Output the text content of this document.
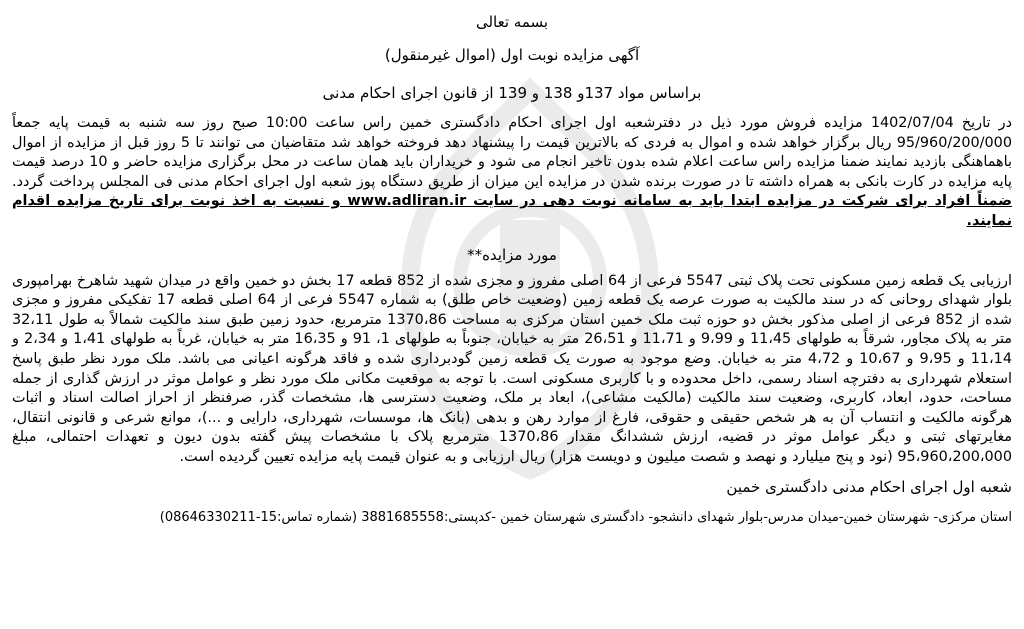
بسمه تعالی
آگهی مزایده نوبت اول (اموال غیرمنقول)
براساس مواد 137و 138 و 139 از قانون اجرای احکام مدنی

در تاریخ 1402/07/04 مزایده فروش مورد ذیل در دفترشعبه اول اجرای احکام دادگستری خمین راس ساعت 10:00 صبح روز سه شنبه به قیمت پایه جمعاً 95/960/200/000 ریال برگزار خواهد شده و اموال به فردی که بالاترین قیمت را پیشنهاد دهد فروخته خواهد شد متقاضیان می توانند تا 5 روز قبل از مزایده از اموال باهماهنگی بازدید نمایند ضمنا مزایده راس ساعت اعلام شده بدون تاخیر انجام می شود و خریداران باید همان ساعت در محل برگزاری مزایده حاضر و 10 درصد قیمت پایه مزایده در کارت بانکی به همراه داشته تا در صورت برنده شدن در مزایده این میزان از طریق دستگاه پوز شعبه اول اجرای احکام مدنی فی المجلس پرداخت گردد. ضمناً افراد برای شرکت در مزایده ابتدا باید به سامانه نوبت دهی در سایت www.adliran.ir و نسبت به اخذ نوبت برای تاریخ مزایده اقدام نمایند.

مورد مزایده**

ارزیابی یک قطعه زمین مسکونی تحت پلاک ثبتی 5547 فرعی از 64 اصلی مفروز و مجزی شده از 852 قطعه 17 بخش دو خمین واقع در میدان شهید شاهرخ بهرامپوری بلوار شهدای روحانی که در سند مالکیت به صورت عرصه یک قطعه زمین (وضعیت خاص طلق) به شماره 5547 فرعی از 64 اصلی قطعه 17 تفکیکی مفروز و مجزی شده از 852 فرعی از اصلی مذکور بخش دو حوزه ثبت ملک خمین استان مرکزی به مساحت 1370،86 مترمربع، حدود زمین طبق سند مالکیت شمالاً به طول 32،11 متر به پلاک مجاور، شرقاً به طولهای 11،45 و 9،99 و 11،71 و 26،51 متر به خیابان، جنوباً به طولهای 1، 91 و 16،35 متر به خیابان، غرباً به طولهای 1،41 و 2،34 و 11،14 و 9،95 و 10،67 و 4،72 متر به خیابان. وضع موجود به صورت یک قطعه زمین گودبرداری شده و فاقد هرگونه اعیانی می باشد. ملک مورد نظر طبق پاسخ استعلام شهرداری به دفترچه اسناد رسمی، داخل محدوده و با کاربری مسکونی است. با توجه به موقعیت مکانی ملک مورد نظر و عوامل موثر در ارزش گذاری از جمله مساحت، حدود، ابعاد، کاربری، وضعیت سند مالکیت (مالکیت مشاعی)، ابعاد بر ملک، وضعیت دسترسی ها، مشخصات گذر، صرفنظر از احراز اصالت اسناد و اثبات هرگونه مالکیت و انتساب آن به هر شخص حقیقی و حقوقی، فارغ از موارد رهن و بدهی (بانک ها، موسسات، شهرداری، دارایی و ...)، موانع شرعی و قانونی انتقال، مغایرتهای ثبتی و دیگر عوامل موثر در قضیه، ارزش ششدانگ مقدار 1370،86 مترمربع پلاک با مشخصات پیش گفته بدون دیون و تعهدات احتمالی، مبلغ 95،960،200،000 (نود و پنج میلیارد و نهصد و شصت میلیون و دویست هزار) ریال ارزیابی و به عنوان قیمت پایه مزایده تعیین گردیده است.

شعبه اول اجرای احکام مدنی دادگستری خمین
استان مرکزی- شهرستان خمین-میدان مدرس-بلوار شهدای دانشجو- دادگستری شهرستان خمین -کدپستی:3881685558 (شماره تماس:15-08646330211)
